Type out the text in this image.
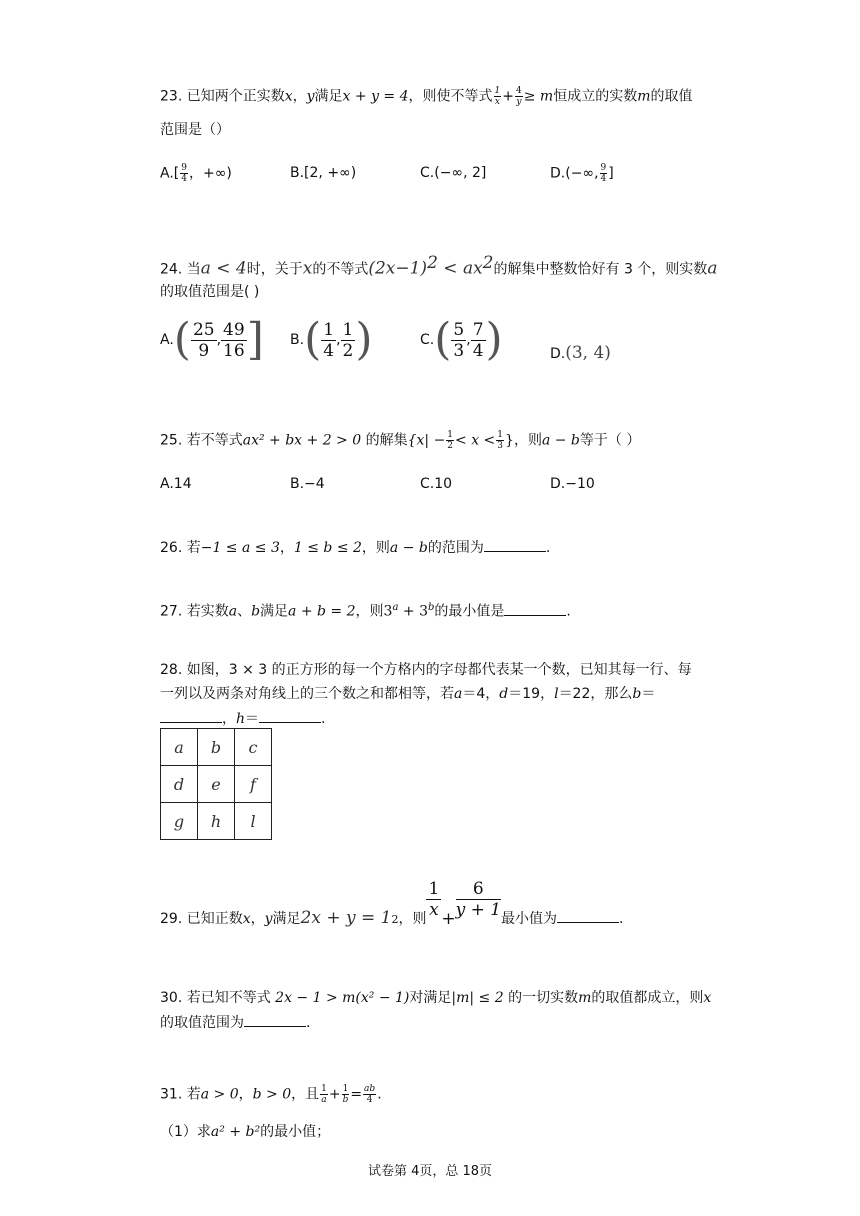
23. 已知两个正实数x，y满足x + y = 4，则使不等式 $\frac{1}{x} + \frac{4}{y} \ge m$恒成立的实数m的取值
范围是（）
$A.[ \frac{9}{4}$ ，+∞)	B.[2, +∞)	C.(−∞, 2]	D.(−∞, $\frac{9}{4}$ ]
24. 当a < 4时，关于x的不等式$(2x-1)^2 < ax^2$的解集中整数恰好有 3 个，则实数a
的取值范围是( )
$A.( \frac{25}{9}$ , $\frac{49}{16}$ ] $B.( \frac{1}{4}$ , $\frac{1}{2}$ )	$C.( \frac{5}{3}$ , $\frac{7}{4}$ )	D.(3, 4)
25. 若不等式ax² + bx + 2 > 0 的解集{$x| - \frac{1}{2} < x < \frac{1}{3}$ }，则a − b等于（ ）
A.14	B.−4	C.10	D.−10
26. 若−1 ≤ a ≤ 3，1 ≤ b ≤ 2，则a − b的范围为	.
27. 若实数a、b满足a + b = 2，则$3^a + 3^b$的最小值是	.
28. 如图，3 × 3 的正方形的每一个方格内的字母都代表某一个数，已知其每一行、每
一列以及两条对角线上的三个数之和都相等，若a＝4，d＝19，l＝22，那么b＝
，h＝	.
a	b	c
d	e	f
g	h	l
29. 已知正数x，y满足2x + y = 12，则 $\frac{1}{x} + \frac{6}{y + 1}$ 最小值为	.
30. 若已知不等式 2x − 1 > m(x² − 1)对满足|m| ≤ 2 的一切实数m的取值都成立，则x
的取值范围为	.
31. 若a > 0，b > 0，且 $\frac{1}{a} + \frac{1}{b} = \frac{ab}{4}$ .
（1）求a² + b²的最小值；
试卷第 4页，总 18页
